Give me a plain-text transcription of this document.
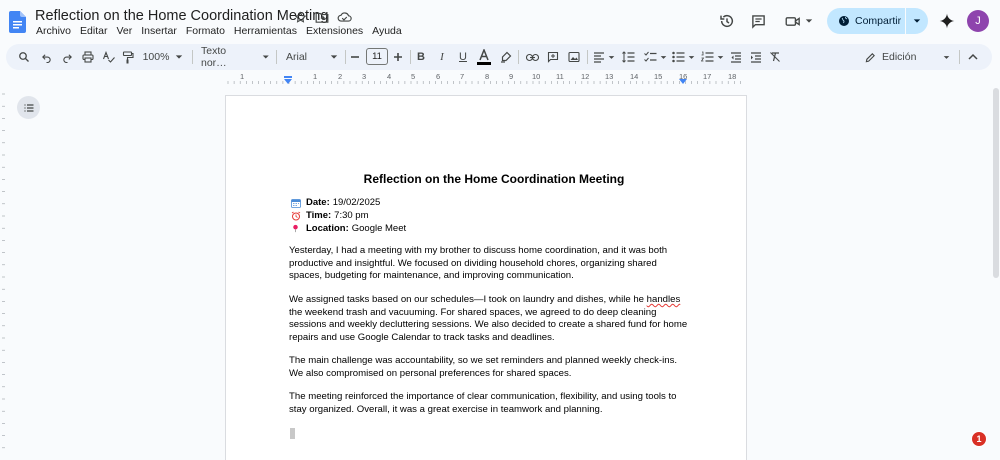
Reflection on the Home Coordination Meeting
Archivo Editar Ver Insertar Formato Herramientas Extensiones Ayuda
Compartir	J
100%	Texto nor…	Arial	11	B I U	Edición
1	1	2	3	4	5	6	7	8	9	10 11 12 13 14 15 16 17 18
Reflection on the Home Coordination Meeting
Date: 19/02/2025
Time: 7:30 pm
Location: Google Meet

Yesterday, I had a meeting with my brother to discuss home coordination, and it was both productive and insightful. We focused on dividing household chores, organizing shared spaces, budgeting for maintenance, and improving communication.

We assigned tasks based on our schedules—I took on laundry and dishes, while he handles the weekend trash and vacuuming. For shared spaces, we agreed to do deep cleaning sessions and weekly decluttering sessions. We also decided to create a shared fund for home repairs and use Google Calendar to track tasks and deadlines.

The main challenge was accountability, so we set reminders and planned weekly check-ins. We also compromised on personal preferences for shared spaces.

The meeting reinforced the importance of clear communication, flexibility, and using tools to stay organized. Overall, it was a great exercise in teamwork and planning.

1
